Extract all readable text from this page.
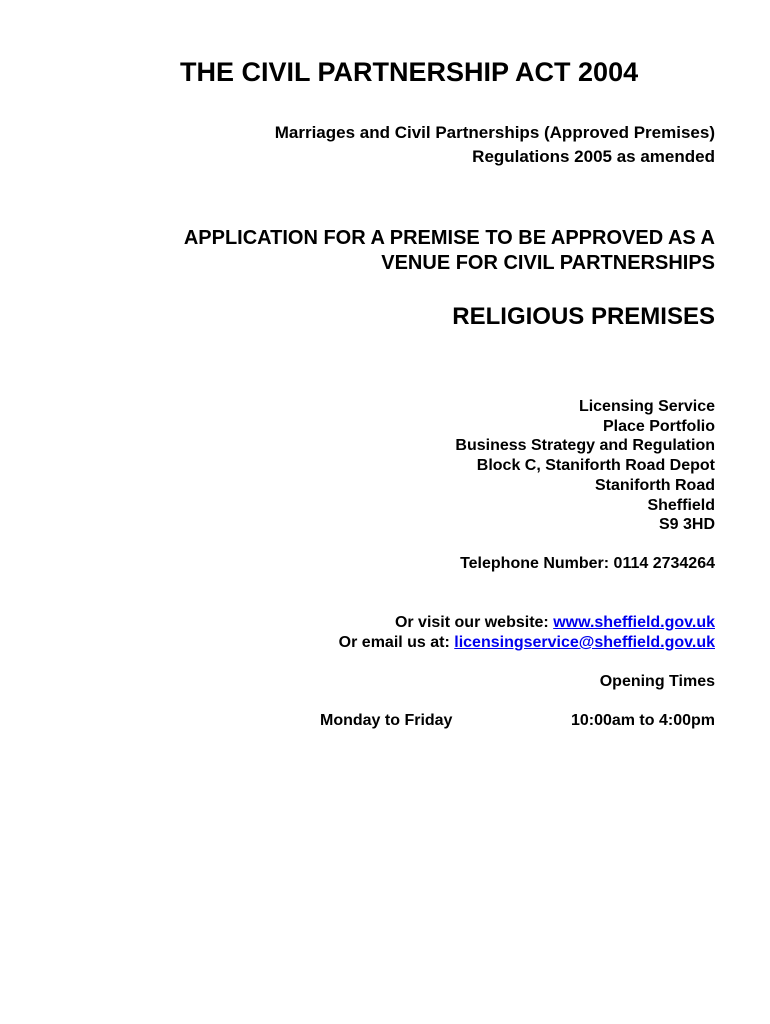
THE CIVIL PARTNERSHIP ACT 2004
Marriages and Civil Partnerships (Approved Premises)
Regulations 2005 as amended
APPLICATION FOR A PREMISE TO BE APPROVED AS A
VENUE FOR CIVIL PARTNERSHIPS
RELIGIOUS PREMISES
Licensing Service
Place Portfolio
Business Strategy and Regulation
Block C, Staniforth Road Depot
Staniforth Road
Sheffield
S9 3HD
Telephone Number: 0114 2734264
Or visit our website: www.sheffield.gov.uk
Or email us at: licensingservice@sheffield.gov.uk
Opening Times
Monday to Friday	10:00am to 4:00pm
